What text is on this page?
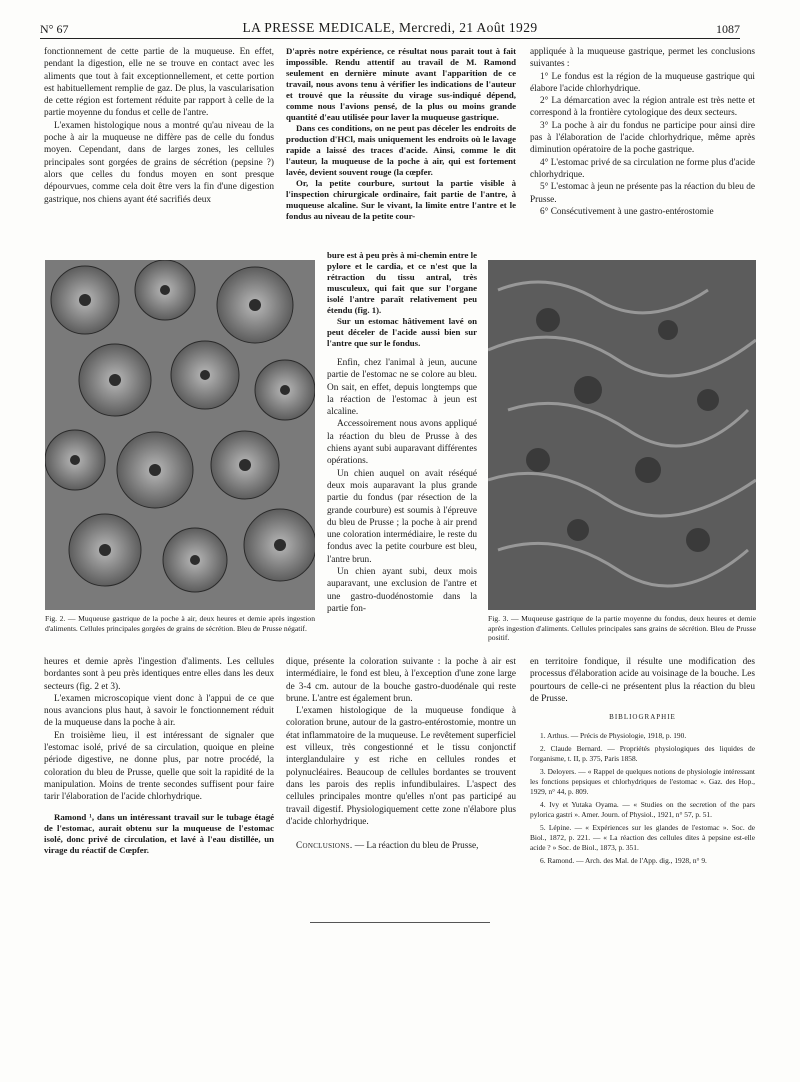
N° 67	LA PRESSE MEDICALE, Mercredi, 21 Août 1929	1087

fonctionnement de cette partie de la muqueuse. En effet, pendant la digestion, elle ne se trouve en contact avec les aliments que tout à fait exceptionnellement, et cette portion est habituellement remplie de gaz. De plus, la vascularisation de cette région est fortement réduite par rapport à celle de la partie moyenne du fondus et celle de l'antre.

L'examen histologique nous a montré qu'au niveau de la poche à air la muqueuse ne diffère pas de celle du fondus moyen. Cependant, dans de larges zones, les cellules principales sont gorgées de grains de sécrétion (pepsine ?) alors que celles du fondus moyen en sont presque dépourvues, comme cela doit être vers la fin d'une digestion gastrique, nos chiens ayant été sacrifiés deux

D'après notre expérience, ce résultat nous parait tout à fait impossible. Rendu attentif au travail de M. Ramond seulement en dernière minute avant l'apparition de ce travail, nous avons tenu à vérifier les indications de l'auteur et trouvé que la réussite du virage sus-indiqué dépend, comme nous l'avions pensé, de la plus ou moins grande quantité d'eau utilisée pour laver la muqueuse gastrique.

Dans ces conditions, on ne peut pas déceler les endroits de production d'HCl, mais uniquement les endroits où le lavage rapide a laissé des traces d'acide. Ainsi, comme le dit l'auteur, la muqueuse de la poche à air, qui est fortement lavée, devient souvent rouge (la cœpfer.

Or, la petite courbure, surtout la partie visible à l'inspection chirurgicale ordinaire, fait partie de l'antre, à muqueuse alcaline. Sur le vivant, la limite entre l'antre et le fondus au niveau de la petite cour-

appliquée à la muqueuse gastrique, permet les conclusions suivantes :

1° Le fondus est la région de la muqueuse gastrique qui élabore l'acide chlorhydrique.

2° La démarcation avec la région antrale est très nette et correspond à la frontière cytologique des deux secteurs.

3° La poche à air du fondus ne participe pour ainsi dire pas à l'élaboration de l'acide chlorhydrique, même après diminution opératoire de la poche gastrique.

4° L'estomac privé de sa circulation ne forme plus d'acide chlorhydrique.

5° L'estomac à jeun ne présente pas la réaction du bleu de Prusse.

6° Consécutivement à une gastro-entérostomie

Fig. 2. — Muqueuse gastrique de la poche à air, deux heures et demie après ingestion d'aliments. Cellules principales gorgées de grains de sécrétion. Bleu de Prusse négatif.

bure est à peu près à mi-chemin entre le pylore et le cardia, et ce n'est que la rétraction du tissu antral, très musculeux, qui fait que sur l'organe isolé l'antre paraît relativement peu étendu (fig. 1).

Sur un estomac hâtivement lavé on peut déceler de l'acide aussi bien sur l'antre que sur le fondus.

Enfin, chez l'animal à jeun, aucune partie de l'estomac ne se colore au bleu. On sait, en effet, depuis longtemps que la réaction de l'estomac à jeun est alcaline.

Accessoirement nous avons appliqué la réaction du bleu de Prusse à des chiens ayant subi auparavant différentes opérations.

Un chien auquel on avait réséqué deux mois auparavant la plus grande partie du fondus (par résection de la grande courbure) est soumis à l'épreuve du bleu de Prusse ; la poche à air prend une coloration intermédiaire, le reste du fondus avec la petite courbure est bleu, l'antre brun.

Un chien ayant subi, deux mois auparavant, une exclusion de l'antre et une gastro-duodénostomie dans la partie fon-

Fig. 3. — Muqueuse gastrique de la partie moyenne du fondus, deux heures et demie après ingestion d'aliments. Cellules principales sans grains de sécrétion. Bleu de Prusse positif.

heures et demie après l'ingestion d'aliments. Les cellules bordantes sont à peu près identiques entre elles dans les deux secteurs (fig. 2 et 3).

L'examen microscopique vient donc à l'appui de ce que nous avancions plus haut, à savoir le fonctionnement réduit de la muqueuse dans la poche à air.

En troisième lieu, il est intéressant de signaler que l'estomac isolé, privé de sa circulation, quoique en pleine période digestive, ne donne plus, par notre procédé, la coloration du bleu de Prusse, quelle que soit la rapidité de la manipulation. Moins de trente secondes suffisent pour faire tarir l'élaboration de l'acide chlorhydrique.

Ramond ¹, dans un intéressant travail sur le tubage étagé de l'estomac, aurait obtenu sur la muqueuse de l'estomac isolé, donc privé de circulation, et lavé à l'eau distillée, un virage du réactif de Cœpfer.

dique, présente la coloration suivante : la poche à air est intermédiaire, le fond est bleu, à l'exception d'une zone large de 3-4 cm. autour de la bouche gastro-duodénale qui reste brune. L'antre est également brun.

L'examen histologique de la muqueuse fondique à coloration brune, autour de la gastro-entérostomie, montre un état inflammatoire de la muqueuse. Le revêtement superficiel est villeux, très congestionné et le tissu conjonctif interglandulaire y est riche en cellules rondes et polynucléaires. Beaucoup de cellules bordantes se trouvent dans les parois des replis infundibulaires. L'aspect des cellules principales montre qu'elles n'ont pas participé au travail digestif. Physiologiquement cette zone n'élabore plus d'acide chlorhydrique.

Conclusions. — La réaction du bleu de Prusse,

en territoire fondique, il résulte une modification des processus d'élaboration acide au voisinage de la bouche. Les pourtours de celle-ci ne présentent plus la réaction du bleu de Prusse.

BIBLIOGRAPHIE

1. Arthus. — Précis de Physiologie, 1918, p. 190.

2. Claude Bernard. — Propriétés physiologiques des liquides de l'organisme, t. II, p. 375, Paris 1858.

3. Deloyers. — « Rappel de quelques notions de physiologie intéressant les fonctions pepsiques et chlorhydriques de l'estomac ». Gaz. des Hop., 1929, n° 44, p. 809.

4. Ivy et Yutaka Oyama. — « Studies on the secretion of the pars pylorica gastri ». Amer. Journ. of Physiol., 1921, n° 57, p. 51.

5. Lépine. — « Expériences sur les glandes de l'estomac ». Soc. de Biol., 1872, p. 221. — « La réaction des cellules dites à pepsine est-elle acide ? » Soc. de Biol., 1873, p. 351.

6. Ramond. — Arch. des Mal. de l'App. dig., 1928, n° 9.
